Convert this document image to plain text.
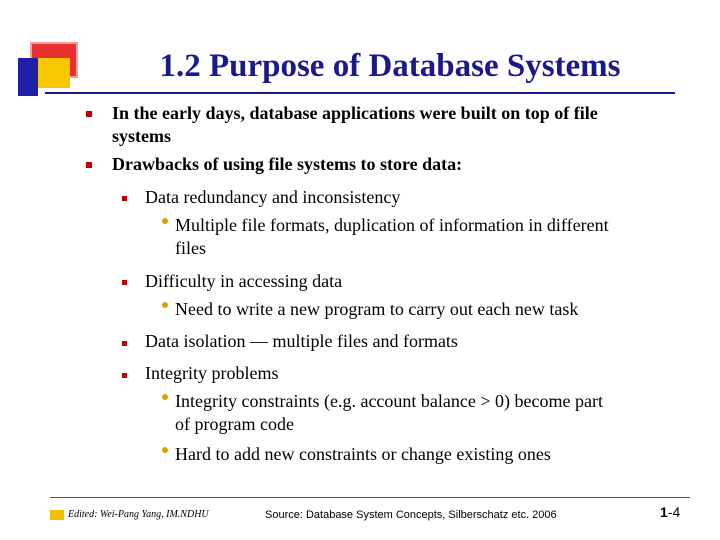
1.2 Purpose of Database Systems
In the early days, database applications were built on top of file
systems
Drawbacks of using file systems to store data:
Data redundancy and inconsistency
Multiple file formats, duplication of information in different
files
Difficulty in accessing data
Need to write a new program to carry out each new task
Data isolation — multiple files and formats
Integrity problems
Integrity constraints (e.g. account balance > 0) become part
of program code
Hard to add new constraints or change existing ones
Edited: Wei-Pang Yang, IM.NDHU	Source: Database System Concepts, Silberschatz etc. 2006	1-4
